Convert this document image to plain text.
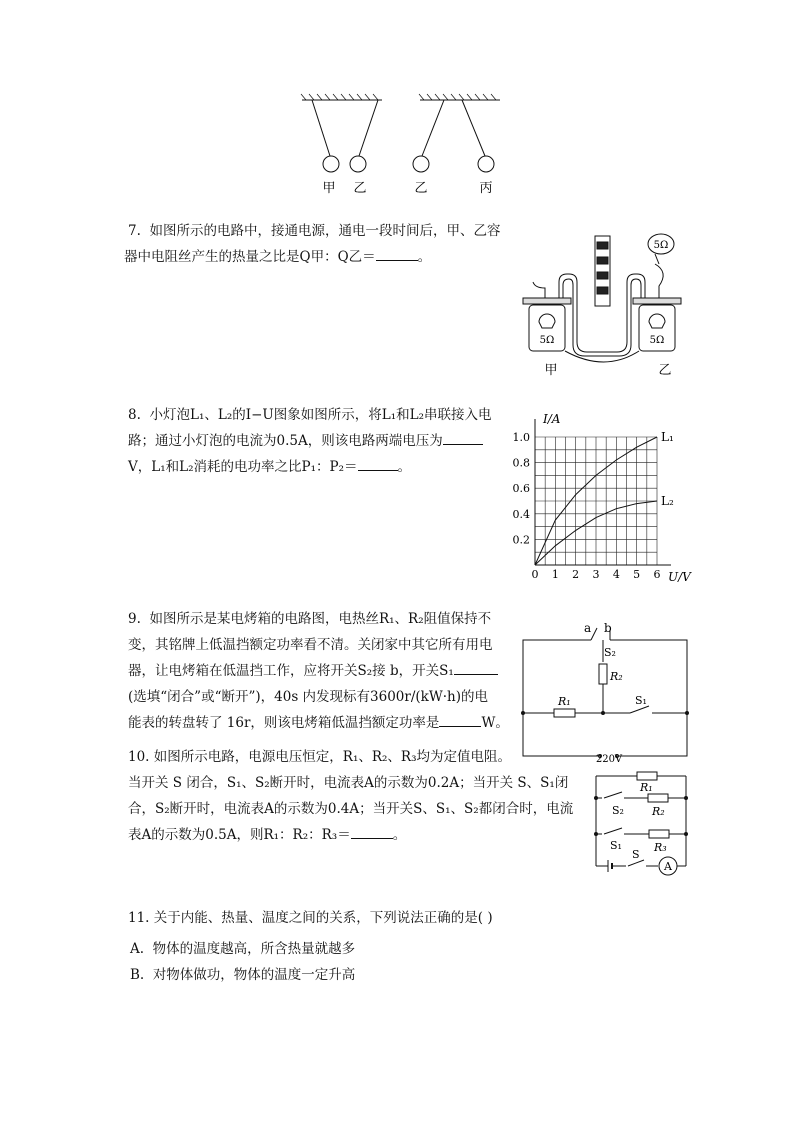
甲 乙	乙	丙

7. 如图所示的电路中，接通电源，通电一段时间后，甲、乙容

器中电阻丝产生的热量之比是Q甲：Q乙＝	。

5Ω
5Ω	5Ω
甲	乙

8. 小灯泡L₁、L₂的I−U图象如图所示，将L₁和L₂串联接入电

路；通过小灯泡的电流为0.5A，则该电路两端电压为

V，L₁和L₂消耗的电功率之比P₁：P₂＝	。

0 1 2 3 4 5 6
0.2
0.4
0.6
0.8
1.0	L₁
L₂
I/A
U/V

9. 如图所示是某电烤箱的电路图，电热丝R₁、R₂阻值保持不

变，其铭牌上低温挡额定功率看不清。关闭家中其它所有用电

器，让电烤箱在低温挡工作，应将开关S₂接 b，开关S₁

(选填“闭合”或“断开”)，40s 内发现标有3600r/(kW·h)的电

能表的转盘转了 16r，则该电烤箱低温挡额定功率是	W。

a b
S₂
R₂
R₁	S₁
220V

10. 如图所示电路，电源电压恒定，R₁、R₂、R₃均为定值电阻。

当开关 S 闭合，S₁、S₂断开时，电流表A的示数为0.2A；当开关 S、S₁闭

合，S₂断开时，电流表A的示数为0.4A；当开关S、S₁、S₂都闭合时，电流

表A的示数为0.5A，则R₁：R₂：R₃＝	。

R₁
S₂	R₂
S₁	R₃
S
A

11. 关于内能、热量、温度之间的关系，下列说法正确的是( )

A. 物体的温度越高，所含热量就越多
B. 对物体做功，物体的温度一定升高
